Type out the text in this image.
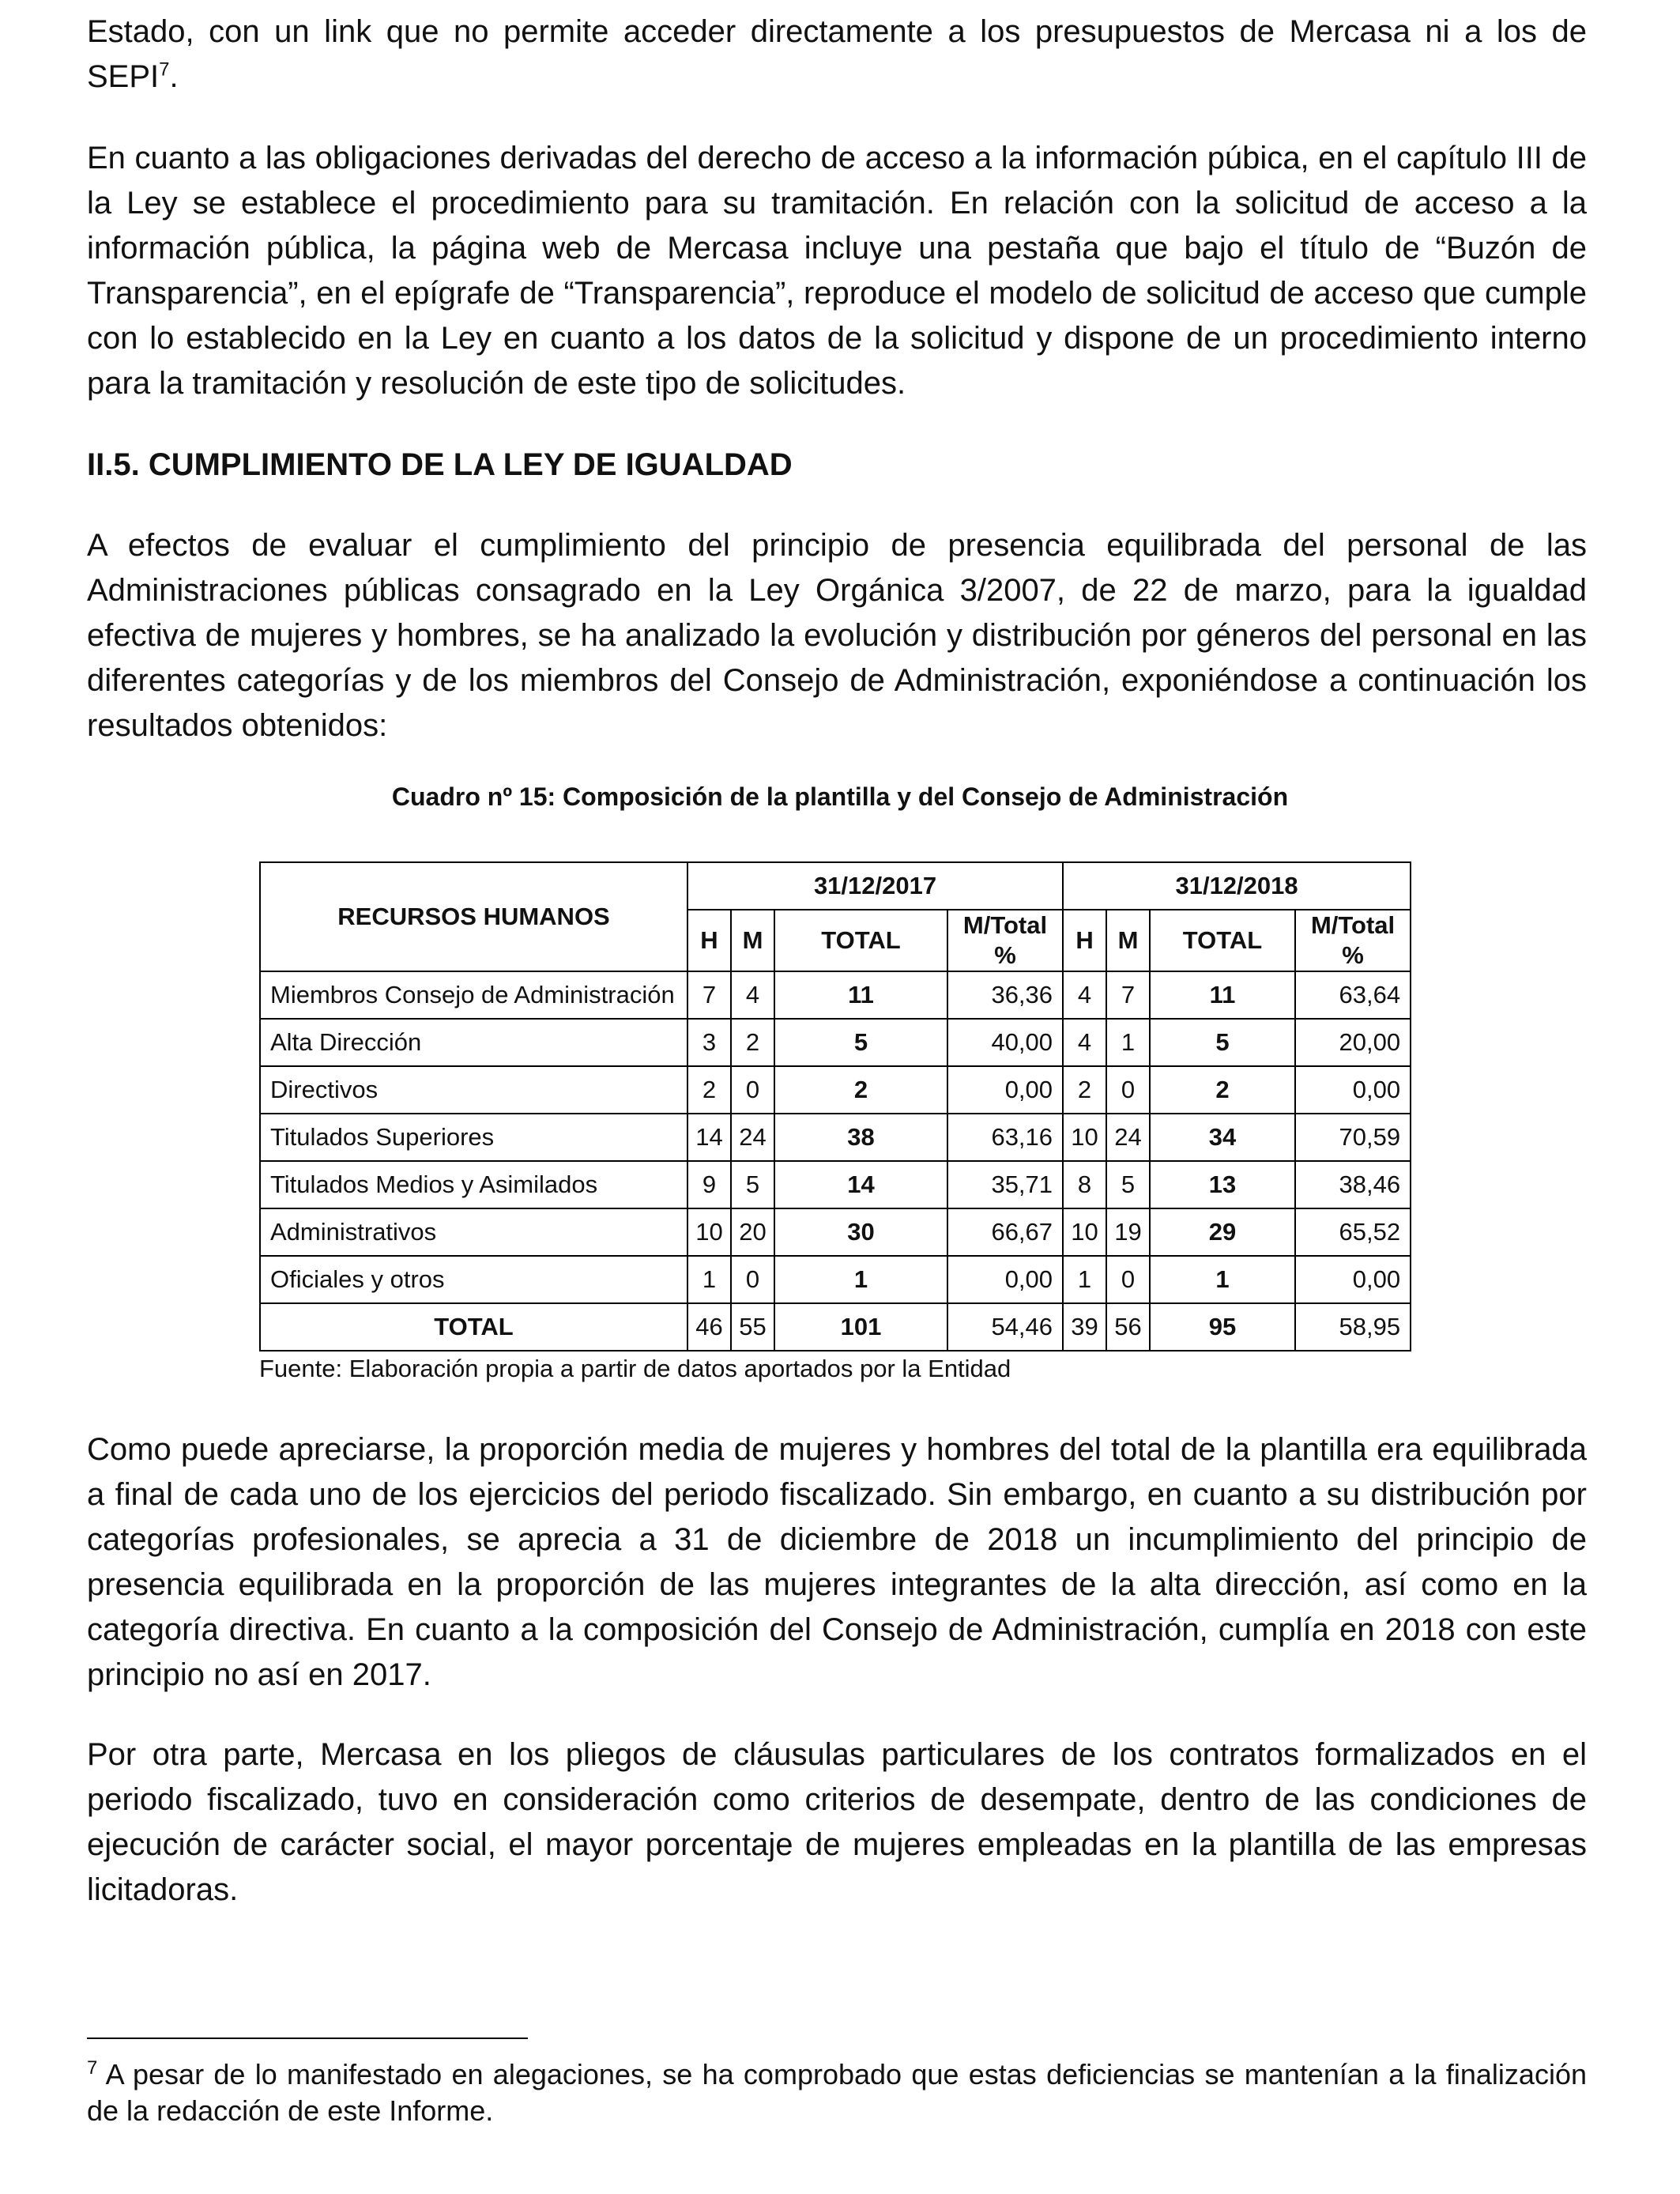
Estado, con un link que no permite acceder directamente a los presupuestos de Mercasa ni a los de SEPI$^7$.

En cuanto a las obligaciones derivadas del derecho de acceso a la información púbica, en el capítulo III de la Ley se establece el procedimiento para su tramitación. En relación con la solicitud de acceso a la información pública, la página web de Mercasa incluye una pestaña que bajo el título de “Buzón de Transparencia”, en el epígrafe de “Transparencia”, reproduce el modelo de solicitud de acceso que cumple con lo establecido en la Ley en cuanto a los datos de la solicitud y dispone de un procedimiento interno para la tramitación y resolución de este tipo de solicitudes.

II.5. CUMPLIMIENTO DE LA LEY DE IGUALDAD

A efectos de evaluar el cumplimiento del principio de presencia equilibrada del personal de las Administraciones públicas consagrado en la Ley Orgánica 3/2007, de 22 de marzo, para la igualdad efectiva de mujeres y hombres, se ha analizado la evolución y distribución por géneros del personal en las diferentes categorías y de los miembros del Consejo de Administración, exponiéndose a continuación los resultados obtenidos:

Cuadro nº 15: Composición de la plantilla y del Consejo de Administración
RECURSOS HUMANOS	31/12/2017				31/12/2018			
	H	M	TOTAL	M/Total %	H	M	TOTAL	M/Total %
Miembros Consejo de Administración	7	4	11	36,36	4	7	11	63,64
Alta Dirección	3	2	5	40,00	4	1	5	20,00
Directivos	2	0	2	0,00	2	0	2	0,00
Titulados Superiores	14	24	38	63,16	10	24	34	70,59
Titulados Medios y Asimilados	9	5	14	35,71	8	5	13	38,46
Administrativos	10	20	30	66,67	10	19	29	65,52
Oficiales y otros	1	0	1	0,00	1	0	1	0,00
TOTAL	46	55	101	54,46	39	56	95	58,95
Fuente: Elaboración propia a partir de datos aportados por la Entidad

Como puede apreciarse, la proporción media de mujeres y hombres del total de la plantilla era equilibrada a final de cada uno de los ejercicios del periodo fiscalizado. Sin embargo, en cuanto a su distribución por categorías profesionales, se aprecia a 31 de diciembre de 2018 un incumplimiento del principio de presencia equilibrada en la proporción de las mujeres integrantes de la alta dirección, así como en la categoría directiva. En cuanto a la composición del Consejo de Administración, cumplía en 2018 con este principio no así en 2017.

Por otra parte, Mercasa en los pliegos de cláusulas particulares de los contratos formalizados en el periodo fiscalizado, tuvo en consideración como criterios de desempate, dentro de las condiciones de ejecución de carácter social, el mayor porcentaje de mujeres empleadas en la plantilla de las empresas licitadoras.

$^7$ A pesar de lo manifestado en alegaciones, se ha comprobado que estas deficiencias se mantenían a la finalización de la redacción de este Informe.
